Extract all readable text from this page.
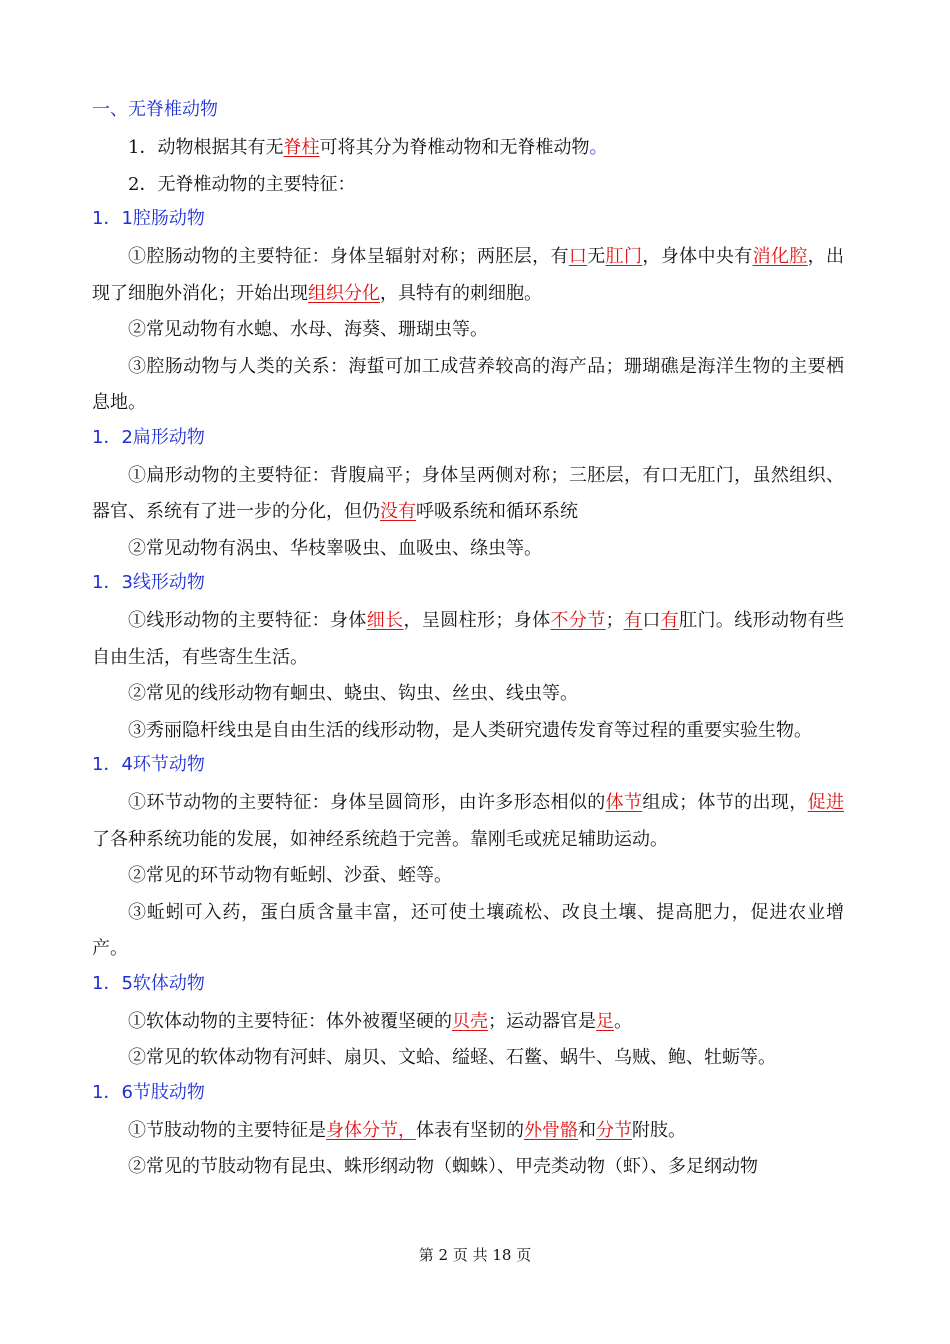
一、无脊椎动物

1．动物根据其有无脊柱可将其分为脊椎动物和无脊椎动物。

2．无脊椎动物的主要特征：

1．1腔肠动物

①腔肠动物的主要特征：身体呈辐射对称；两胚层，有口无肛门，身体中央有消化腔，出现了细胞外消化；开始出现组织分化，具特有的刺细胞。

②常见动物有水螅、水母、海葵、珊瑚虫等。

③腔肠动物与人类的关系：海蜇可加工成营养较高的海产品；珊瑚礁是海洋生物的主要栖息地。

1．2扁形动物

①扁形动物的主要特征：背腹扁平；身体呈两侧对称；三胚层，有口无肛门，虽然组织、器官、系统有了进一步的分化，但仍没有呼吸系统和循环系统

②常见动物有涡虫、华枝睾吸虫、血吸虫、绦虫等。

1．3线形动物

①线形动物的主要特征：身体细长，呈圆柱形；身体不分节；有口有肛门。线形动物有些自由生活，有些寄生生活。

②常见的线形动物有蛔虫、蛲虫、钩虫、丝虫、线虫等。

③秀丽隐杆线虫是自由生活的线形动物，是人类研究遗传发育等过程的重要实验生物。

1．4环节动物

①环节动物的主要特征：身体呈圆筒形，由许多形态相似的体节组成；体节的出现，促进了各种系统功能的发展，如神经系统趋于完善。靠刚毛或疣足辅助运动。

②常见的环节动物有蚯蚓、沙蚕、蛭等。

③蚯蚓可入药，蛋白质含量丰富，还可使土壤疏松、改良土壤、提高肥力，促进农业增产。

1．5软体动物

①软体动物的主要特征：体外被覆坚硬的贝壳；运动器官是足。

②常见的软体动物有河蚌、扇贝、文蛤、缢蛏、石鳖、蜗牛、乌贼、鲍、牡蛎等。

1．6节肢动物

①节肢动物的主要特征是身体分节，体表有坚韧的外骨骼和分节附肢。

②常见的节肢动物有昆虫、蛛形纲动物（蜘蛛）、甲壳类动物（虾）、多足纲动物

第 2 页 共 18 页
